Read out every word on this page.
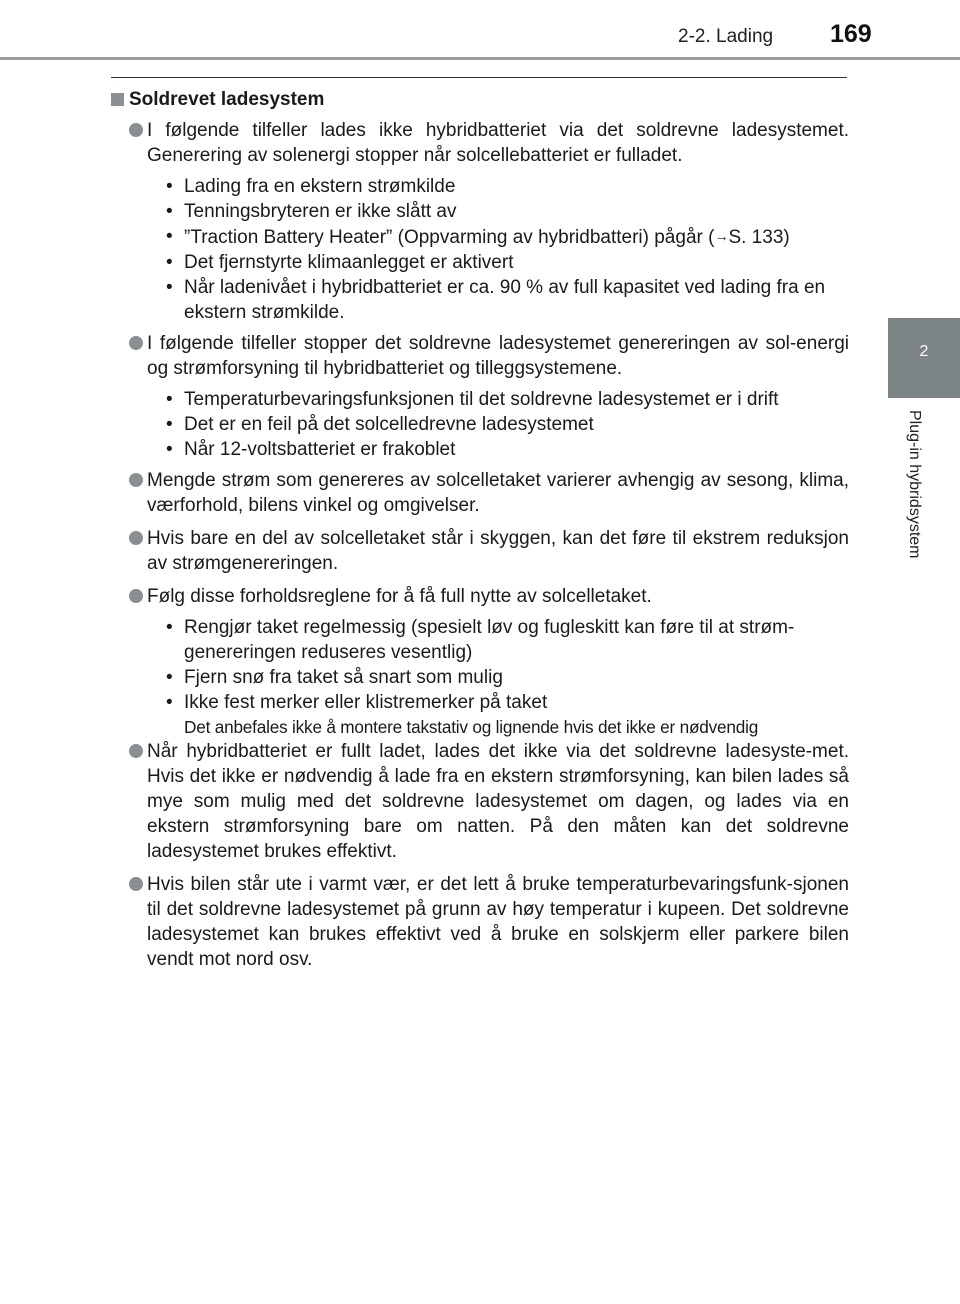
2-2. Lading 169
2
Plug-in hybridsystem
Soldrevet ladesystem

I følgende tilfeller lades ikke hybridbatteriet via det soldrevne ladesystemet. Generering av solenergi stopper når solcellebatteriet er fulladet.

• Lading fra en ekstern strømkilde
• Tenningsbryteren er ikke slått av
• ”Traction Battery Heater” (Oppvarming av hybridbatteri) pågår (→S. 133)
• Det fjernstyrte klimaanlegget er aktivert
• Når ladenivået i hybridbatteriet er ca. 90 % av full kapasitet ved lading fra en ekstern strømkilde.

I følgende tilfeller stopper det soldrevne ladesystemet genereringen av sol-energi og strømforsyning til hybridbatteriet og tilleggsystemene.

• Temperaturbevaringsfunksjonen til det soldrevne ladesystemet er i drift
• Det er en feil på det solcelledrevne ladesystemet
• Når 12-voltsbatteriet er frakoblet

Mengde strøm som genereres av solcelletaket varierer avhengig av sesong, klima, værforhold, bilens vinkel og omgivelser.

Hvis bare en del av solcelletaket står i skyggen, kan det føre til ekstrem reduksjon av strømgenereringen.

Følg disse forholdsreglene for å få full nytte av solcelletaket.

• Rengjør taket regelmessig (spesielt løv og fugleskitt kan føre til at strøm-genereringen reduseres vesentlig)
• Fjern snø fra taket så snart som mulig
• Ikke fest merker eller klistremerker på taket
Det anbefales ikke å montere takstativ og lignende hvis det ikke er nødvendig

Når hybridbatteriet er fullt ladet, lades det ikke via det soldrevne ladesyste-met. Hvis det ikke er nødvendig å lade fra en ekstern strømforsyning, kan bilen lades så mye som mulig med det soldrevne ladesystemet om dagen, og lades via en ekstern strømforsyning bare om natten. På den måten kan det soldrevne ladesystemet brukes effektivt.

Hvis bilen står ute i varmt vær, er det lett å bruke temperaturbevaringsfunk-sjonen til det soldrevne ladesystemet på grunn av høy temperatur i kupeen. Det soldrevne ladesystemet kan brukes effektivt ved å bruke en solskjerm eller parkere bilen vendt mot nord osv.
